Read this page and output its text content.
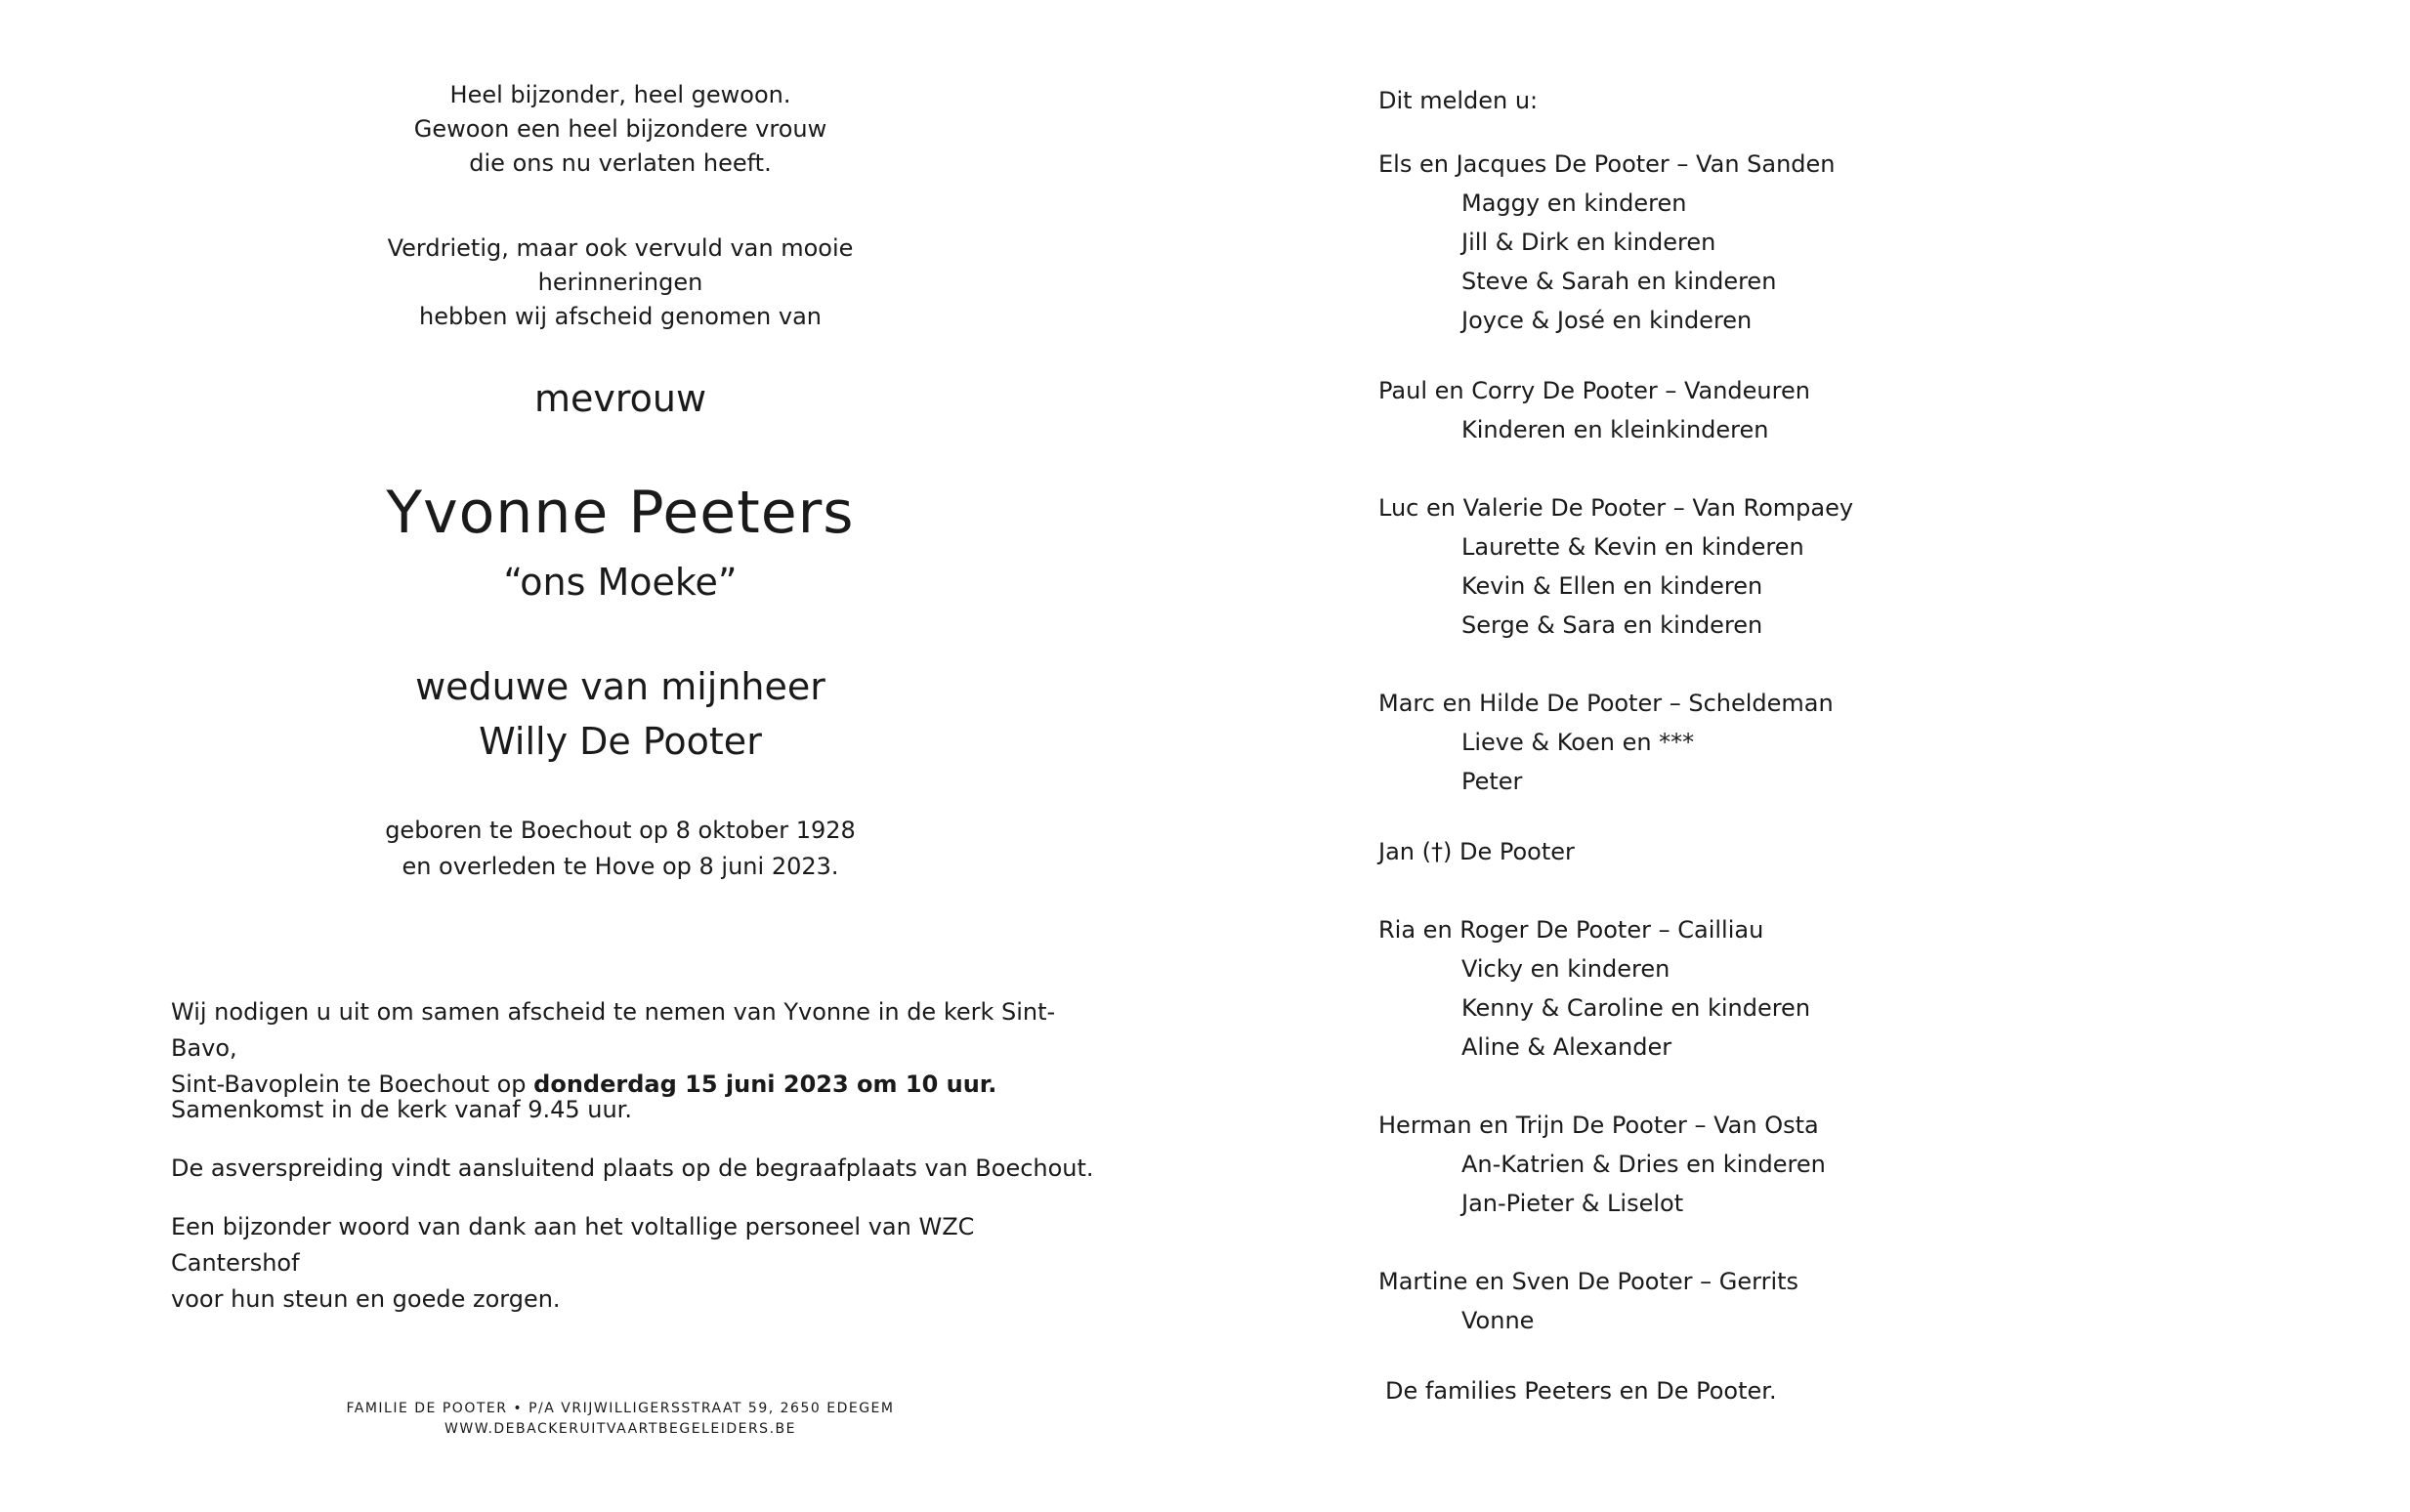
Heel bijzonder, heel gewoon.
Gewoon een heel bijzondere vrouw
die ons nu verlaten heeft.
Verdrietig, maar ook vervuld van mooie herinneringen
hebben wij afscheid genomen van
mevrouw
Yvonne Peeters
“ons Moeke”
weduwe van mijnheer
Willy De Pooter
geboren te Boechout op 8 oktober 1928
en overleden te Hove op 8 juni 2023.

Wij nodigen u uit om samen afscheid te nemen van Yvonne in de kerk Sint-Bavo,
Sint-Bavoplein te Boechout op donderdag 15 juni 2023 om 10 uur.

Samenkomst in de kerk vanaf 9.45 uur.

De asverspreiding vindt aansluitend plaats op de begraafplaats van Boechout.

Een bijzonder woord van dank aan het voltallige personeel van WZC Cantershof
voor hun steun en goede zorgen.

FAMILIE DE POOTER • P/A VRIJWILLIGERSSTRAAT 59, 2650 EDEGEM
WWW.DEBACKERUITVAARTBEGELEIDERS.BE
Dit melden u:
Els en Jacques De Pooter – Van Sanden
Maggy en kinderen
Jill & Dirk en kinderen
Steve & Sarah en kinderen
Joyce & José en kinderen
Paul en Corry De Pooter – Vandeuren
Kinderen en kleinkinderen
Luc en Valerie De Pooter – Van Rompaey
Laurette & Kevin en kinderen
Kevin & Ellen en kinderen
Serge & Sara en kinderen
Marc en Hilde De Pooter – Scheldeman
Lieve & Koen en ***
Peter
Jan (†) De Pooter
Ria en Roger De Pooter – Cailliau
Vicky en kinderen
Kenny & Caroline en kinderen
Aline & Alexander
Herman en Trijn De Pooter – Van Osta
An-Katrien & Dries en kinderen
Jan-Pieter & Liselot
Martine en Sven De Pooter – Gerrits
Vonne
De families Peeters en De Pooter.
